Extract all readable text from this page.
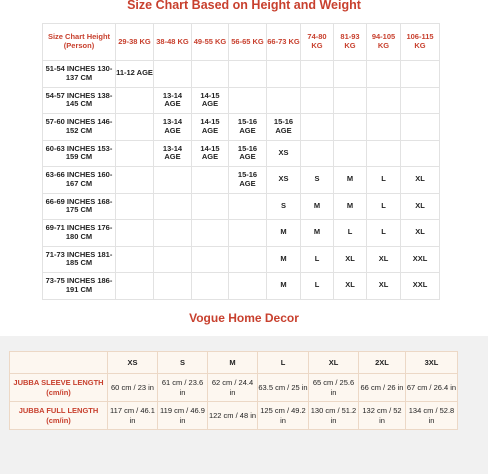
Size Chart Based on Height and Weight
Size Chart Height (Person)	29-38 KG	38-48 KG	49-55 KG	56-65 KG	66-73 KG	74-80 KG	81-93 KG	94-105 KG	106-115 KG
51-54 INCHES 130-137 CM	11-12 AGE								
54-57 INCHES 138-145 CM		13-14 AGE	14-15 AGE						
57-60 INCHES 146-152 CM		13-14 AGE	14-15 AGE	15-16 AGE	15-16 AGE				
60-63 INCHES 153-159 CM		13-14 AGE	14-15 AGE	15-16 AGE	XS				
63-66 INCHES 160-167 CM				15-16 AGE	XS	S	M	L	XL
66-69 INCHES 168-175 CM					S	M	M	L	XL
69-71 INCHES 176-180 CM					M	M	L	L	XL
71-73 INCHES 181-185 CM					M	L	XL	XL	XXL
73-75 INCHES 186-191 CM					M	L	XL	XL	XXL
Vogue Home Decor
	XS	S	M	L	XL	2XL	3XL
JUBBA SLEEVE LENGTH (cm/in)	60 cm / 23 in	61 cm / 23.6 in	62 cm / 24.4 in	63.5 cm / 25 in	65 cm / 25.6 in	66 cm / 26 in	67 cm / 26.4 in
JUBBA FULL LENGTH (cm/in)	117 cm / 46.1 in	119 cm / 46.9 in	122 cm / 48 in	125 cm / 49.2 in	130 cm / 51.2 in	132 cm / 52 in	134 cm / 52.8 in
